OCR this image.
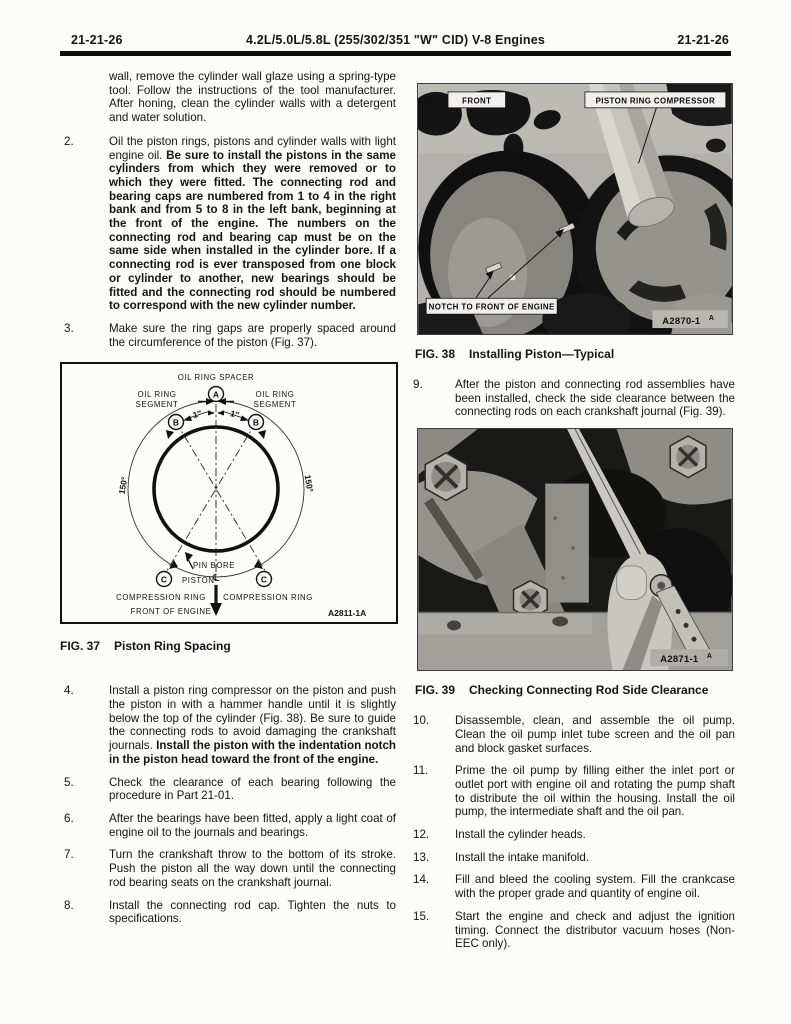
21-21-26	4.2L/5.0L/5.8L (255/302/351 "W" CID) V-8 Engines	21-21-26

wall, remove the cylinder wall glaze using a spring-type tool. Follow the instructions of the tool manufacturer. After honing, clean the cylinder walls with a detergent and water solution.

2.	Oil the piston rings, pistons and cylinder walls with light engine oil. Be sure to install the pistons in the same cylinders from which they were removed or to which they were fitted. The connecting rod and bearing caps are numbered from 1 to 4 in the right bank and from 5 to 8 in the left bank, beginning at the front of the engine. The numbers on the connecting rod and bearing cap must be on the same side when installed in the cylinder bore. If a connecting rod is ever transposed from one block or cylinder to another, new bearings should be fitted and the connecting rod should be numbered to correspond with the new cylinder number.
3.	Make sure the ring gaps are properly spaced around the circumference of the piston (Fig. 37).
A
B	B
C	C
OIL RING SPACER
OIL RING
SEGMENT
OIL RING
SEGMENT
1″	1″
150°	150°
PIN BORE
℄
PISTON
COMPRESSION RING COMPRESSION RING
FRONT OF ENGINE	A2811-1A
FIG. 37 Piston Ring Spacing
4.	Install a piston ring compressor on the piston and push the piston in with a hammer handle until it is slightly below the top of the cylinder (Fig. 38). Be sure to guide the connecting rods to avoid damaging the crankshaft journals. Install the piston with the indentation notch in the piston head toward the front of the engine.
5.	Check the clearance of each bearing following the procedure in Part 21-01.
6.	After the bearings have been fitted, apply a light coat of engine oil to the journals and bearings.
7.	Turn the crankshaft throw to the bottom of its stroke. Push the piston all the way down until the connecting rod bearing seats on the crankshaft journal.
8.	Install the connecting rod cap. Tighten the nuts to specifications.
FRONT	PISTON RING COMPRESSOR
NOTCH TO FRONT OF ENGINE
A2870-1 A
FIG. 38 Installing Piston—Typical
9.	After the piston and connecting rod assemblies have been installed, check the side clearance between the connecting rods on each crankshaft journal (Fig. 39).
A2871-1 A
FIG. 39 Checking Connecting Rod Side Clearance
10.	Disassemble, clean, and assemble the oil pump. Clean the oil pump inlet tube screen and the oil pan and block gasket surfaces.
11.	Prime the oil pump by filling either the inlet port or outlet port with engine oil and rotating the pump shaft to distribute the oil within the housing. Install the oil pump, the intermediate shaft and the oil pan.
12.	Install the cylinder heads.
13.	Install the intake manifold.
14.	Fill and bleed the cooling system. Fill the crankcase with the proper grade and quantity of engine oil.
15.	Start the engine and check and adjust the ignition timing. Connect the distributor vacuum hoses (Non-EEC only).
